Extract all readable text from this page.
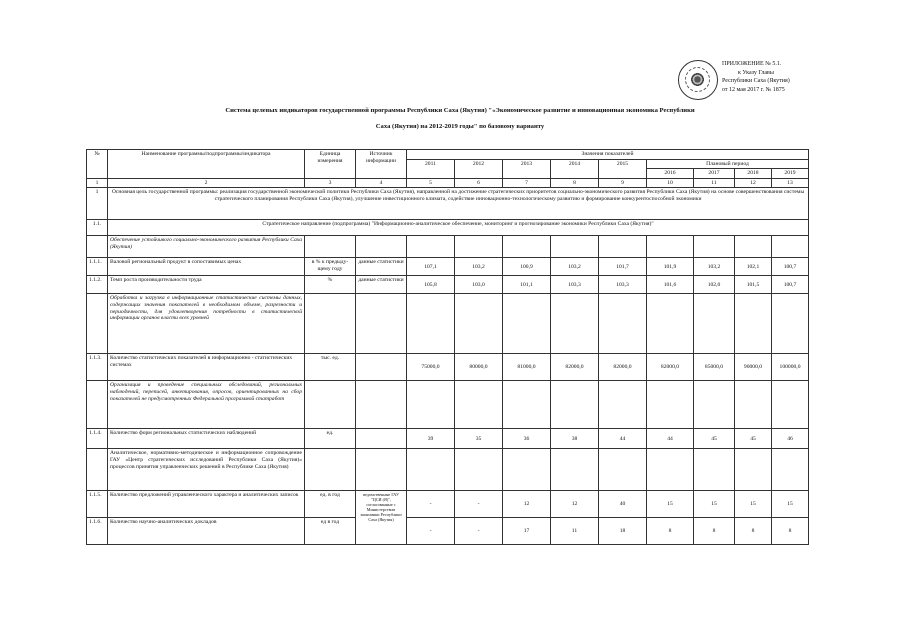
ПРИЛОЖЕНИЕ № 5.1.
к Указу Главы
Республики Саха (Якутия)
от 12 мая 2017 г. № 1875
Система целевых индикаторов государственной программы Республики Саха (Якутия) "«Экономическое развитие и инновационная экономика Республики
Саха (Якутия) на 2012-2019 годы" по базовому варианту
№	Наименование программы/подпрограммы/индикатора	Единица измерения	Источник информации	Значения показателей								
				2011	2012	2013	2014	2015	Плановый период			
									2016	2017	2018	2019
1	2	3	4	5	6	7	8	9	10	11	12	13
1	Основная цель государственной программы: реализация государственной экономической политики Республики Саха (Якутия), направленной на достижение стратегических приоритетов социально-экономического развития Республики Саха (Якутия) на основе совершенствования системы стратегического планирования Республики Саха (Якутия), улучшение инвестиционного климата, содействие инновационно-технологическому развитию и формирование конкурентоспособной экономики											
1.1.	Стратегическое направление (подпрограмма) "Информационно-аналитическое обеспечение, мониторинг и прогнозирование экономики Республики Саха (Якутия)"											
	Обеспечение устойчивого социально-экономического развития Республики Саха (Якутия)											
1.1.1.	Валовой региональный продукт в сопоставимых ценах	в % к предыду-щему году	данные статистики	107,1	103,2	100,9	103,2	101,7	101,9	103,2	102,1	100,7
1.1.2.	Темп роста производительности труда	%	данные статистики	105,8	103,0	101,1	103,3	103,3	101,6	102,0	101,5	100,7
	Обработка и загрузка в информационные статистические системы данных, содержащих значения показателей в необходимом объеме, разрезности и периодичности, для удовлетворения потребности в статистической информации органов власти всех уровней											
1.1.3.	Количество статистических показателей в информационно - статистических системах	тыс. ед.		75000,0	80000,0	81000,0	82000,0	82000,0	82000,0	85000,0	90000,0	100000,0
	Организация и проведение специальных обследований, региональных наблюдений, переписей, анкетирования, опросов, ориентированных на сбор показателей не предусмотренных Федеральной программой статработ											
1.1.4.	Количество форм региональных статистических наблюдений	ед.		39	35	36	38	44	44	45	45	46
	Аналитическое, нормативно-методическое и информационное сопровождение ГАУ «Центр стратегических исследований Республики Саха (Якутия)» процессов принятия управленческих решений в Республике Саха (Якутия)											
1.1.5.	Количество предложений управленческого характера и аналитических записок	ед. в год	ведомственные ГАУ "ЦСИ (Я)", согласованные с Министерством экономики Республики Саха (Якутия)	-	-	12	12	40	15	15	15	15
1.1.6.	Количество научно-аналитических докладов	ед в год		-	-	17	11	18	8	8	8	8
